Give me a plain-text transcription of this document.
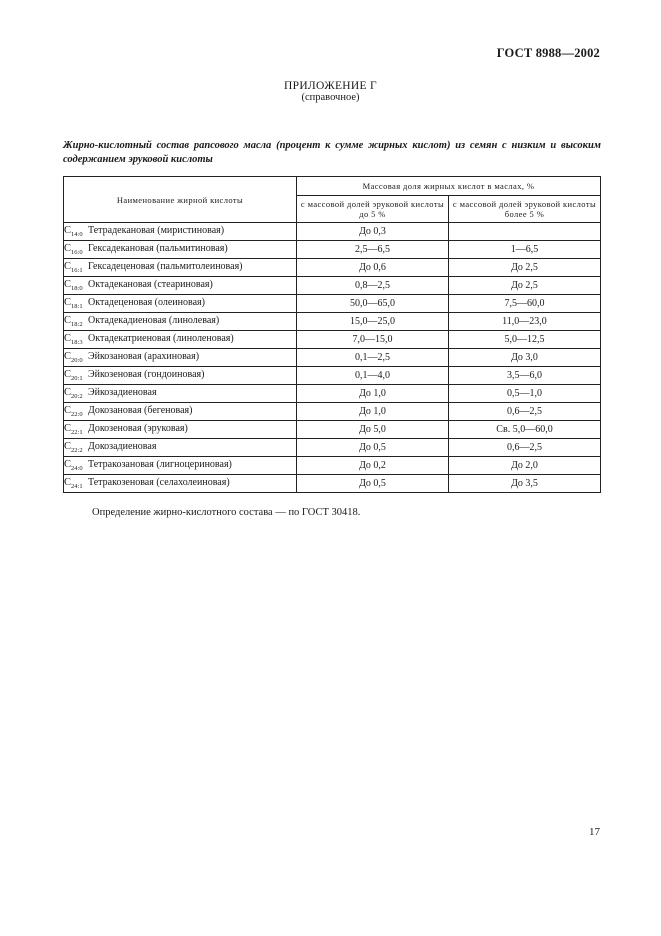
ГОСТ 8988—2002
ПРИЛОЖЕНИЕ Г
(справочное)
Жирно-кислотный состав рапсового масла (процент к сумме жирных кислот) из семян с низким и высоким содержанием эруковой кислоты
Наименование жирной кислоты	Массовая доля жирных кислот в маслах, %	
	с массовой долей эруковой кислоты до 5 %	с массовой долей эруковой кислоты более 5 %
$С_{14:0}$ Тетрадекановая (миристиновая)	До 0,3	
$С_{16:0}$ Гексадекановая (пальмитиновая)	2,5—6,5	1—6,5
$С_{16:1}$ Гексадеценовая (пальмитолеиновая)	До 0,6	До 2,5
$С_{18:0}$ Октадекановая (стеариновая)	0,8—2,5	До 2,5
$С_{18:1}$ Октадеценовая (олеиновая)	50,0—65,0	7,5—60,0
$С_{18:2}$ Октадекадиеновая (линолевая)	15,0—25,0	11,0—23,0
$С_{18:3}$ Октадекатриеновая (линоленовая)	7,0—15,0	5,0—12,5
$С_{20:0}$ Эйкозановая (арахиновая)	0,1—2,5	До 3,0
$С_{20:1}$ Эйкозеновая (гондоиновая)	0,1—4,0	3,5—6,0
$С_{20:2}$ Эйкозадиеновая	До 1,0	0,5—1,0
$С_{22:0}$ Докозановая (бегеновая)	До 1,0	0,6—2,5
$С_{22:1}$ Докозеновая (эруковая)	До 5,0	Св. 5,0—60,0
$С_{22:2}$ Докозадиеновая	До 0,5	0,6—2,5
$С_{24:0}$ Тетракозановая (лигноцериновая)	До 0,2	До 2,0
$С_{24:1}$ Тетракозеновая (селахолеиновая)	До 0,5	До 3,5
Определение жирно-кислотного состава — по ГОСТ 30418.
17
